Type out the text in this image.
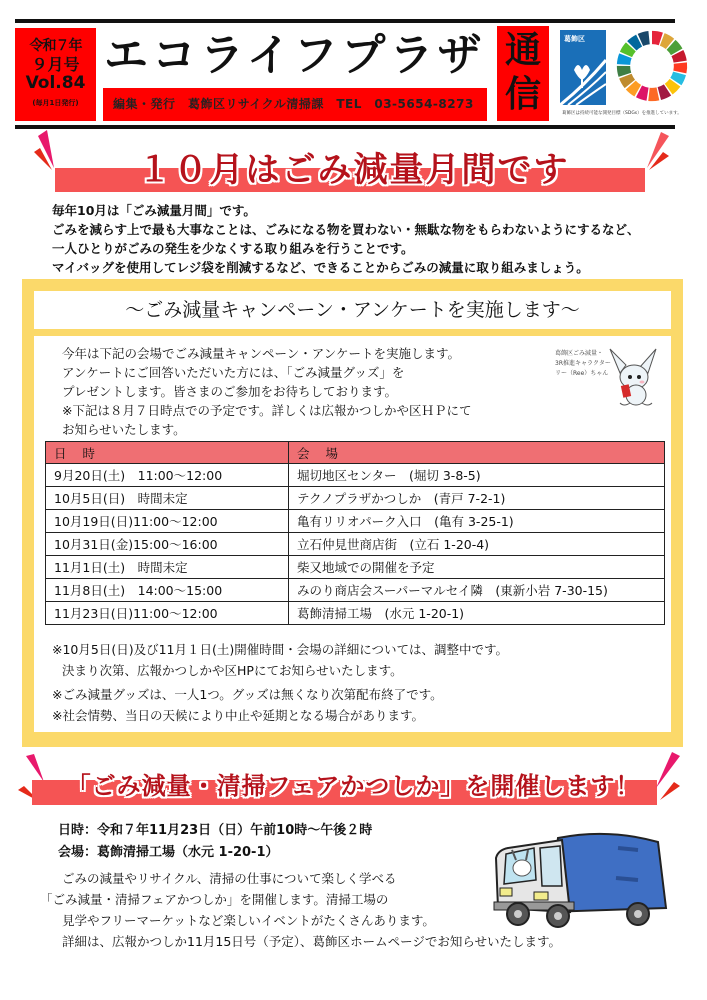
令和７年
９月号
Vol.84
(毎月1日発行)
エコライフプラザ
編集・発行　葛飾区リサイクル清掃課　TEL　03-5654-8273
通
信
葛飾区
葛飾区は持続可能な開発目標（SDGs）を推進しています。
１０月はごみ減量月間です

毎年10月は「ごみ減量月間」です。

ごみを減らす上で最も大事なことは、ごみになる物を買わない・無駄な物をもらわないようにするなど、

一人ひとりがごみの発生を少なくする取り組みを行うことです。

マイバッグを使用してレジ袋を削減するなど、できることからごみの減量に取り組みましょう。

～ごみ減量キャンペーン・アンケートを実施します～

今年は下記の会場でごみ減量キャンペーン・アンケートを実施します。

アンケートにご回答いただいた方には、「ごみ減量グッズ」を

プレゼントします。皆さまのご参加をお待ちしております。

※下記は８月７日時点での予定です。詳しくは広報かつしかや区ＨＰにて

お知らせいたします。

葛飾区ごみ減量・
3R推進キャラクター
リー（Ree）ちゃん
日 時	会 場
9月20日(土)　11:00～12:00	堀切地区センター　(堀切 3-8-5)
10月5日(日)　時間未定	テクノプラザかつしか　(青戸 7-2-1)
10月19日(日)11:00～12:00	亀有リリオパーク入口　(亀有 3-25-1)
10月31日(金)15:00～16:00	立石仲見世商店街　(立石 1-20-4)
11月1日(土)　時間未定	柴又地域での開催を予定
11月8日(土)　14:00～15:00	みのり商店会スーパーマルセイ隣　(東新小岩 7-30-15)
11月23日(日)11:00～12:00	葛飾清掃工場　(水元 1-20-1)

※10月5日(日)及び11月１日(土)開催時間・会場の詳細については、調整中です。

決まり次第、広報かつしかや区HPにてお知らせいたします。

※ごみ減量グッズは、一人1つ。グッズは無くなり次第配布終了です。

※社会情勢、当日の天候により中止や延期となる場合があります。

「ごみ減量・清掃フェアかつしか」を開催します！

日時：令和７年11月23日（日）午前10時～午後２時

会場：葛飾清掃工場（水元 1-20-1）

ごみの減量やリサイクル、清掃の仕事について楽しく学べる

「ごみ減量・清掃フェアかつしか」を開催します。清掃工場の

見学やフリーマーケットなど楽しいイベントがたくさんあります。

詳細は、広報かつしか11月15日号（予定）、葛飾区ホームページでお知らせいたします。
